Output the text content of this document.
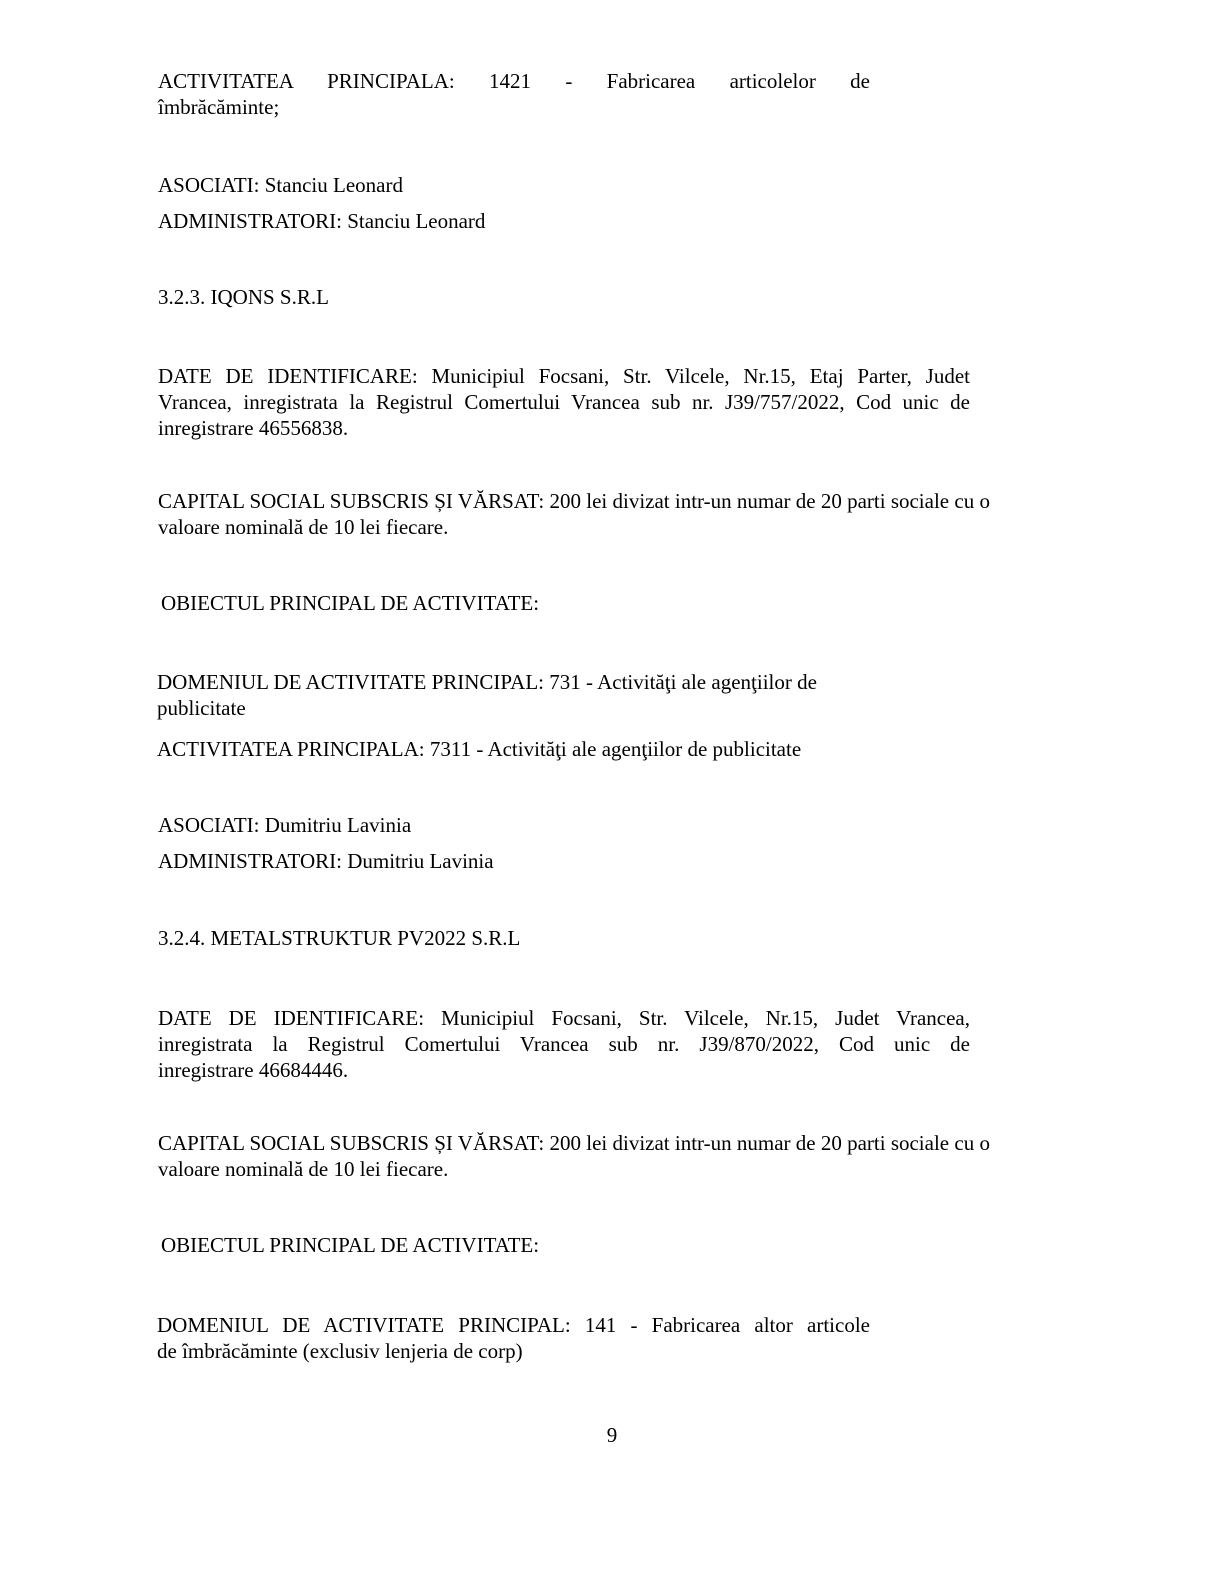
ACTIVITATEA PRINCIPALA: 1421 - Fabricarea articolelor de
îmbrăcăminte;
ASOCIATI: Stanciu Leonard
ADMINISTRATORI: Stanciu Leonard
3.2.3. IQONS S.R.L
DATE DE IDENTIFICARE: Municipiul Focsani, Str. Vilcele, Nr.15, Etaj Parter, Judet
Vrancea, inregistrata la Registrul Comertului Vrancea sub nr. J39/757/2022, Cod unic de
inregistrare 46556838.
CAPITAL SOCIAL SUBSCRIS ȘI VĂRSAT: 200 lei divizat intr-un numar de 20 parti sociale cu o
valoare nominală de 10 lei fiecare.
OBIECTUL PRINCIPAL DE ACTIVITATE:
DOMENIUL DE ACTIVITATE PRINCIPAL: 731 - Activităţi ale agenţiilor de
publicitate
ACTIVITATEA PRINCIPALA: 7311 - Activităţi ale agenţiilor de publicitate
ASOCIATI: Dumitriu Lavinia
ADMINISTRATORI: Dumitriu Lavinia
3.2.4. METALSTRUKTUR PV2022 S.R.L
DATE DE IDENTIFICARE: Municipiul Focsani, Str. Vilcele, Nr.15, Judet Vrancea,
inregistrata la Registrul Comertului Vrancea sub nr. J39/870/2022, Cod unic de
inregistrare 46684446.
CAPITAL SOCIAL SUBSCRIS ȘI VĂRSAT: 200 lei divizat intr-un numar de 20 parti sociale cu o
valoare nominală de 10 lei fiecare.
OBIECTUL PRINCIPAL DE ACTIVITATE:
DOMENIUL DE ACTIVITATE PRINCIPAL: 141 - Fabricarea altor articole
de îmbrăcăminte (exclusiv lenjeria de corp)
9
